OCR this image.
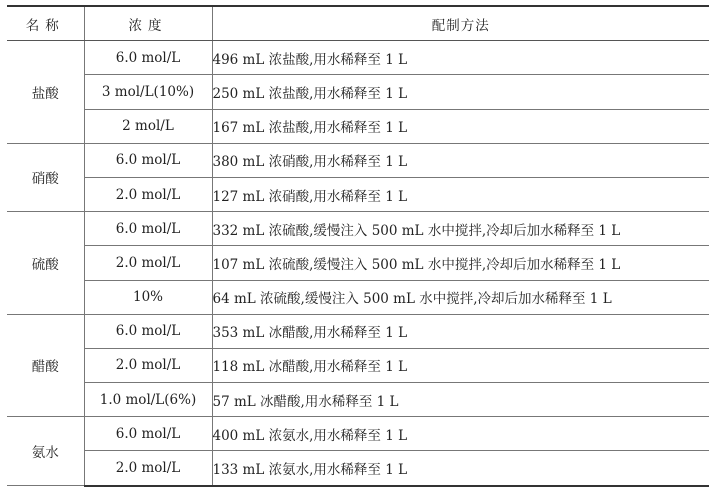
名称	浓度	配制方法
盐酸	6.0 mol/L	496 mL 浓盐酸,用水稀释至 1 L
	3 mol/L(10%)	250 mL 浓盐酸,用水稀释至 1 L
	2 mol/L	167 mL 浓盐酸,用水稀释至 1 L
硝酸	6.0 mol/L	380 mL 浓硝酸,用水稀释至 1 L
	2.0 mol/L	127 mL 浓硝酸,用水稀释至 1 L
硫酸	6.0 mol/L	332 mL 浓硫酸,缓慢注入 500 mL 水中搅拌,冷却后加水稀释至 1 L
	2.0 mol/L	107 mL 浓硫酸,缓慢注入 500 mL 水中搅拌,冷却后加水稀释至 1 L
	10%	64 mL 浓硫酸,缓慢注入 500 mL 水中搅拌,冷却后加水稀释至 1 L
醋酸	6.0 mol/L	353 mL 冰醋酸,用水稀释至 1 L
	2.0 mol/L	118 mL 冰醋酸,用水稀释至 1 L
	1.0 mol/L(6%)	57 mL 冰醋酸,用水稀释至 1 L
氨水	6.0 mol/L	400 mL 浓氨水,用水稀释至 1 L
	2.0 mol/L	133 mL 浓氨水,用水稀释至 1 L
